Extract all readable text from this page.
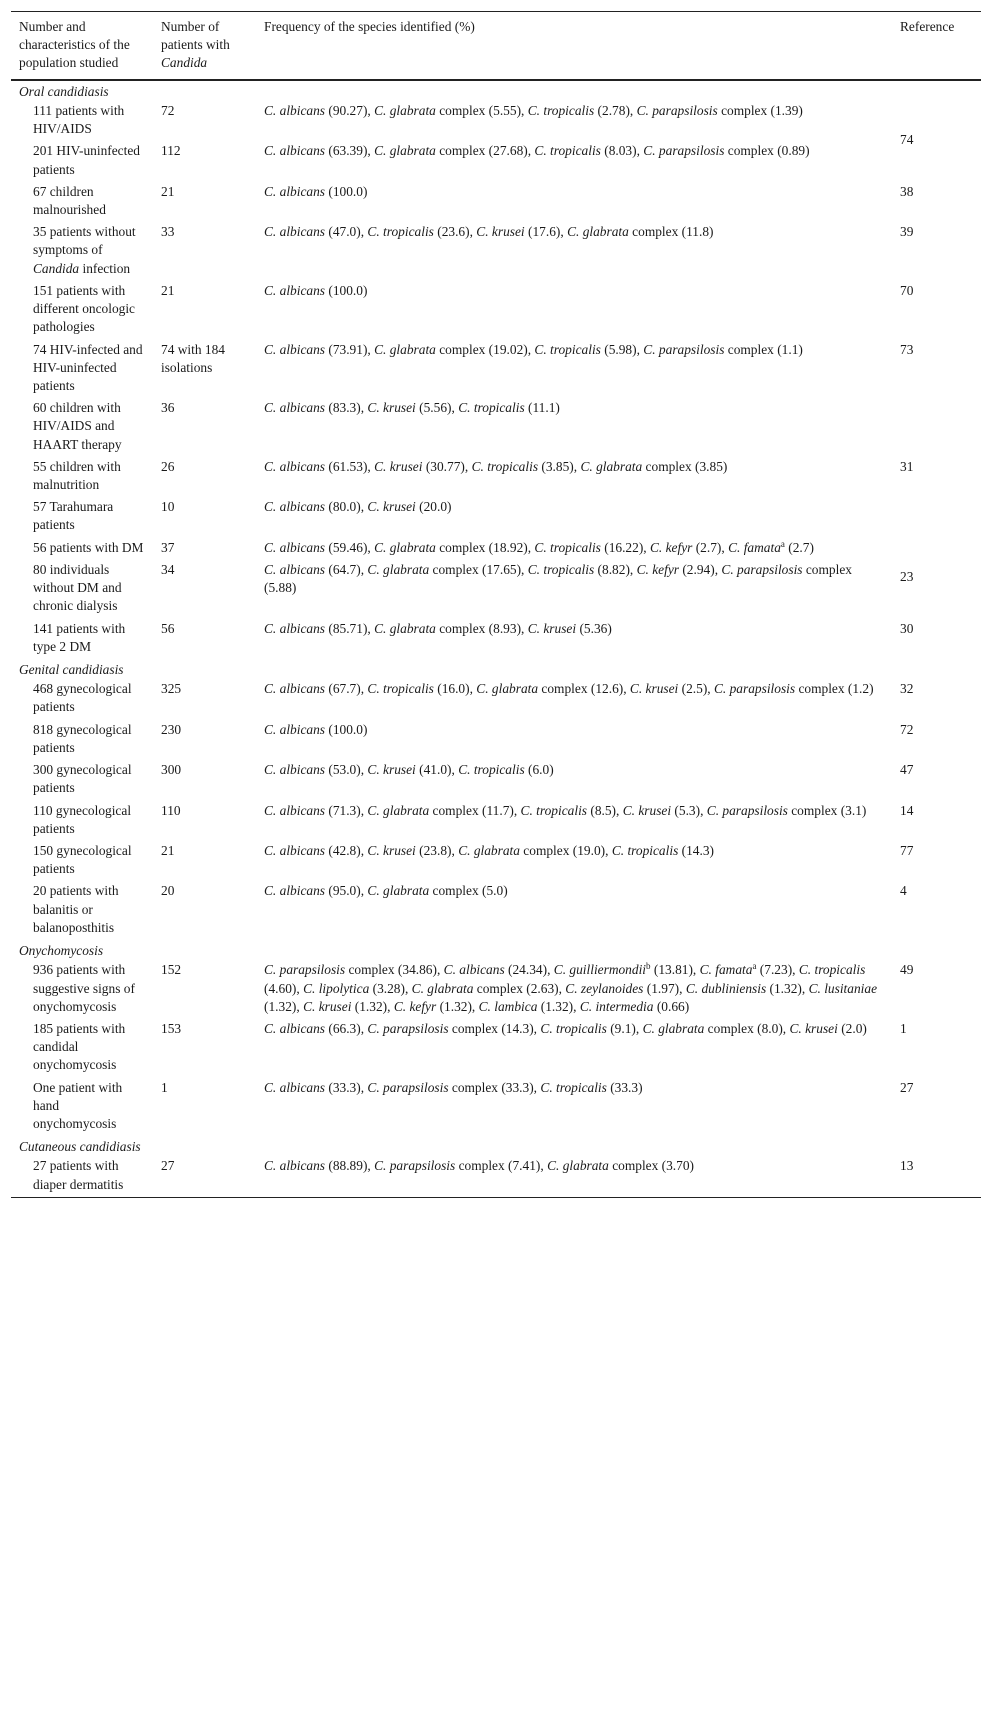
Number and characteristics of the population studied	Number of patients with Candida	Frequency of the species identified (%)	Reference
Oral candidiasis			
111 patients with HIV/AIDS	72	C. albicans (90.27), C. glabrata complex (5.55), C. tropicalis (2.78), C. parapsilosis complex (1.39)	74
201 HIV-uninfected patients	112	C. albicans (63.39), C. glabrata complex (27.68), C. tropicalis (8.03), C. parapsilosis complex (0.89)	
67 children malnourished	21	C. albicans (100.0)	38
35 patients without symptoms of Candida infection	33	C. albicans (47.0), C. tropicalis (23.6), C. krusei (17.6), C. glabrata complex (11.8)	39
151 patients with different oncologic pathologies	21	C. albicans (100.0)	70
74 HIV-infected and HIV-uninfected patients	74 with 184 isolations	C. albicans (73.91), C. glabrata complex (19.02), C. tropicalis (5.98), C. parapsilosis complex (1.1)	73
60 children with HIV/AIDS and HAART therapy	36	C. albicans (83.3), C. krusei (5.56), C. tropicalis (11.1)	
55 children with malnutrition	26	C. albicans (61.53), C. krusei (30.77), C. tropicalis (3.85), C. glabrata complex (3.85)	31
57 Tarahumara patients	10	C. albicans (80.0), C. krusei (20.0)	
56 patients with DM	37	C. albicans (59.46), C. glabrata complex (18.92), C. tropicalis (16.22), C. kefyr (2.7), C. famata$^a$ (2.7)	23
80 individuals without DM and chronic dialysis	34	C. albicans (64.7), C. glabrata complex (17.65), C. tropicalis (8.82), C. kefyr (2.94), C. parapsilosis complex (5.88)	
141 patients with type 2 DM	56	C. albicans (85.71), C. glabrata complex (8.93), C. krusei (5.36)	30
Genital candidiasis			
468 gynecological patients	325	C. albicans (67.7), C. tropicalis (16.0), C. glabrata complex (12.6), C. krusei (2.5), C. parapsilosis complex (1.2)	32
818 gynecological patients	230	C. albicans (100.0)	72
300 gynecological patients	300	C. albicans (53.0), C. krusei (41.0), C. tropicalis (6.0)	47
110 gynecological patients	110	C. albicans (71.3), C. glabrata complex (11.7), C. tropicalis (8.5), C. krusei (5.3), C. parapsilosis complex (3.1)	14
150 gynecological patients	21	C. albicans (42.8), C. krusei (23.8), C. glabrata complex (19.0), C. tropicalis (14.3)	77
20 patients with balanitis or balanoposthitis	20	C. albicans (95.0), C. glabrata complex (5.0)	4
Onychomycosis			
936 patients with suggestive signs of onychomycosis	152	C. parapsilosis complex (34.86), C. albicans (24.34), C. guilliermondii$^b$ (13.81), C. famata$^a$ (7.23), C. tropicalis (4.60), C. lipolytica (3.28), C. glabrata complex (2.63), C. zeylanoides (1.97), C. dubliniensis (1.32), C. lusitaniae (1.32), C. krusei (1.32), C. kefyr (1.32), C. lambica (1.32), C. intermedia (0.66)	49
185 patients with candidal onychomycosis	153	C. albicans (66.3), C. parapsilosis complex (14.3), C. tropicalis (9.1), C. glabrata complex (8.0), C. krusei (2.0)	1
One patient with hand onychomycosis	1	C. albicans (33.3), C. parapsilosis complex (33.3), C. tropicalis (33.3)	27
Cutaneous candidiasis			
27 patients with diaper dermatitis	27	C. albicans (88.89), C. parapsilosis complex (7.41), C. glabrata complex (3.70)	13
